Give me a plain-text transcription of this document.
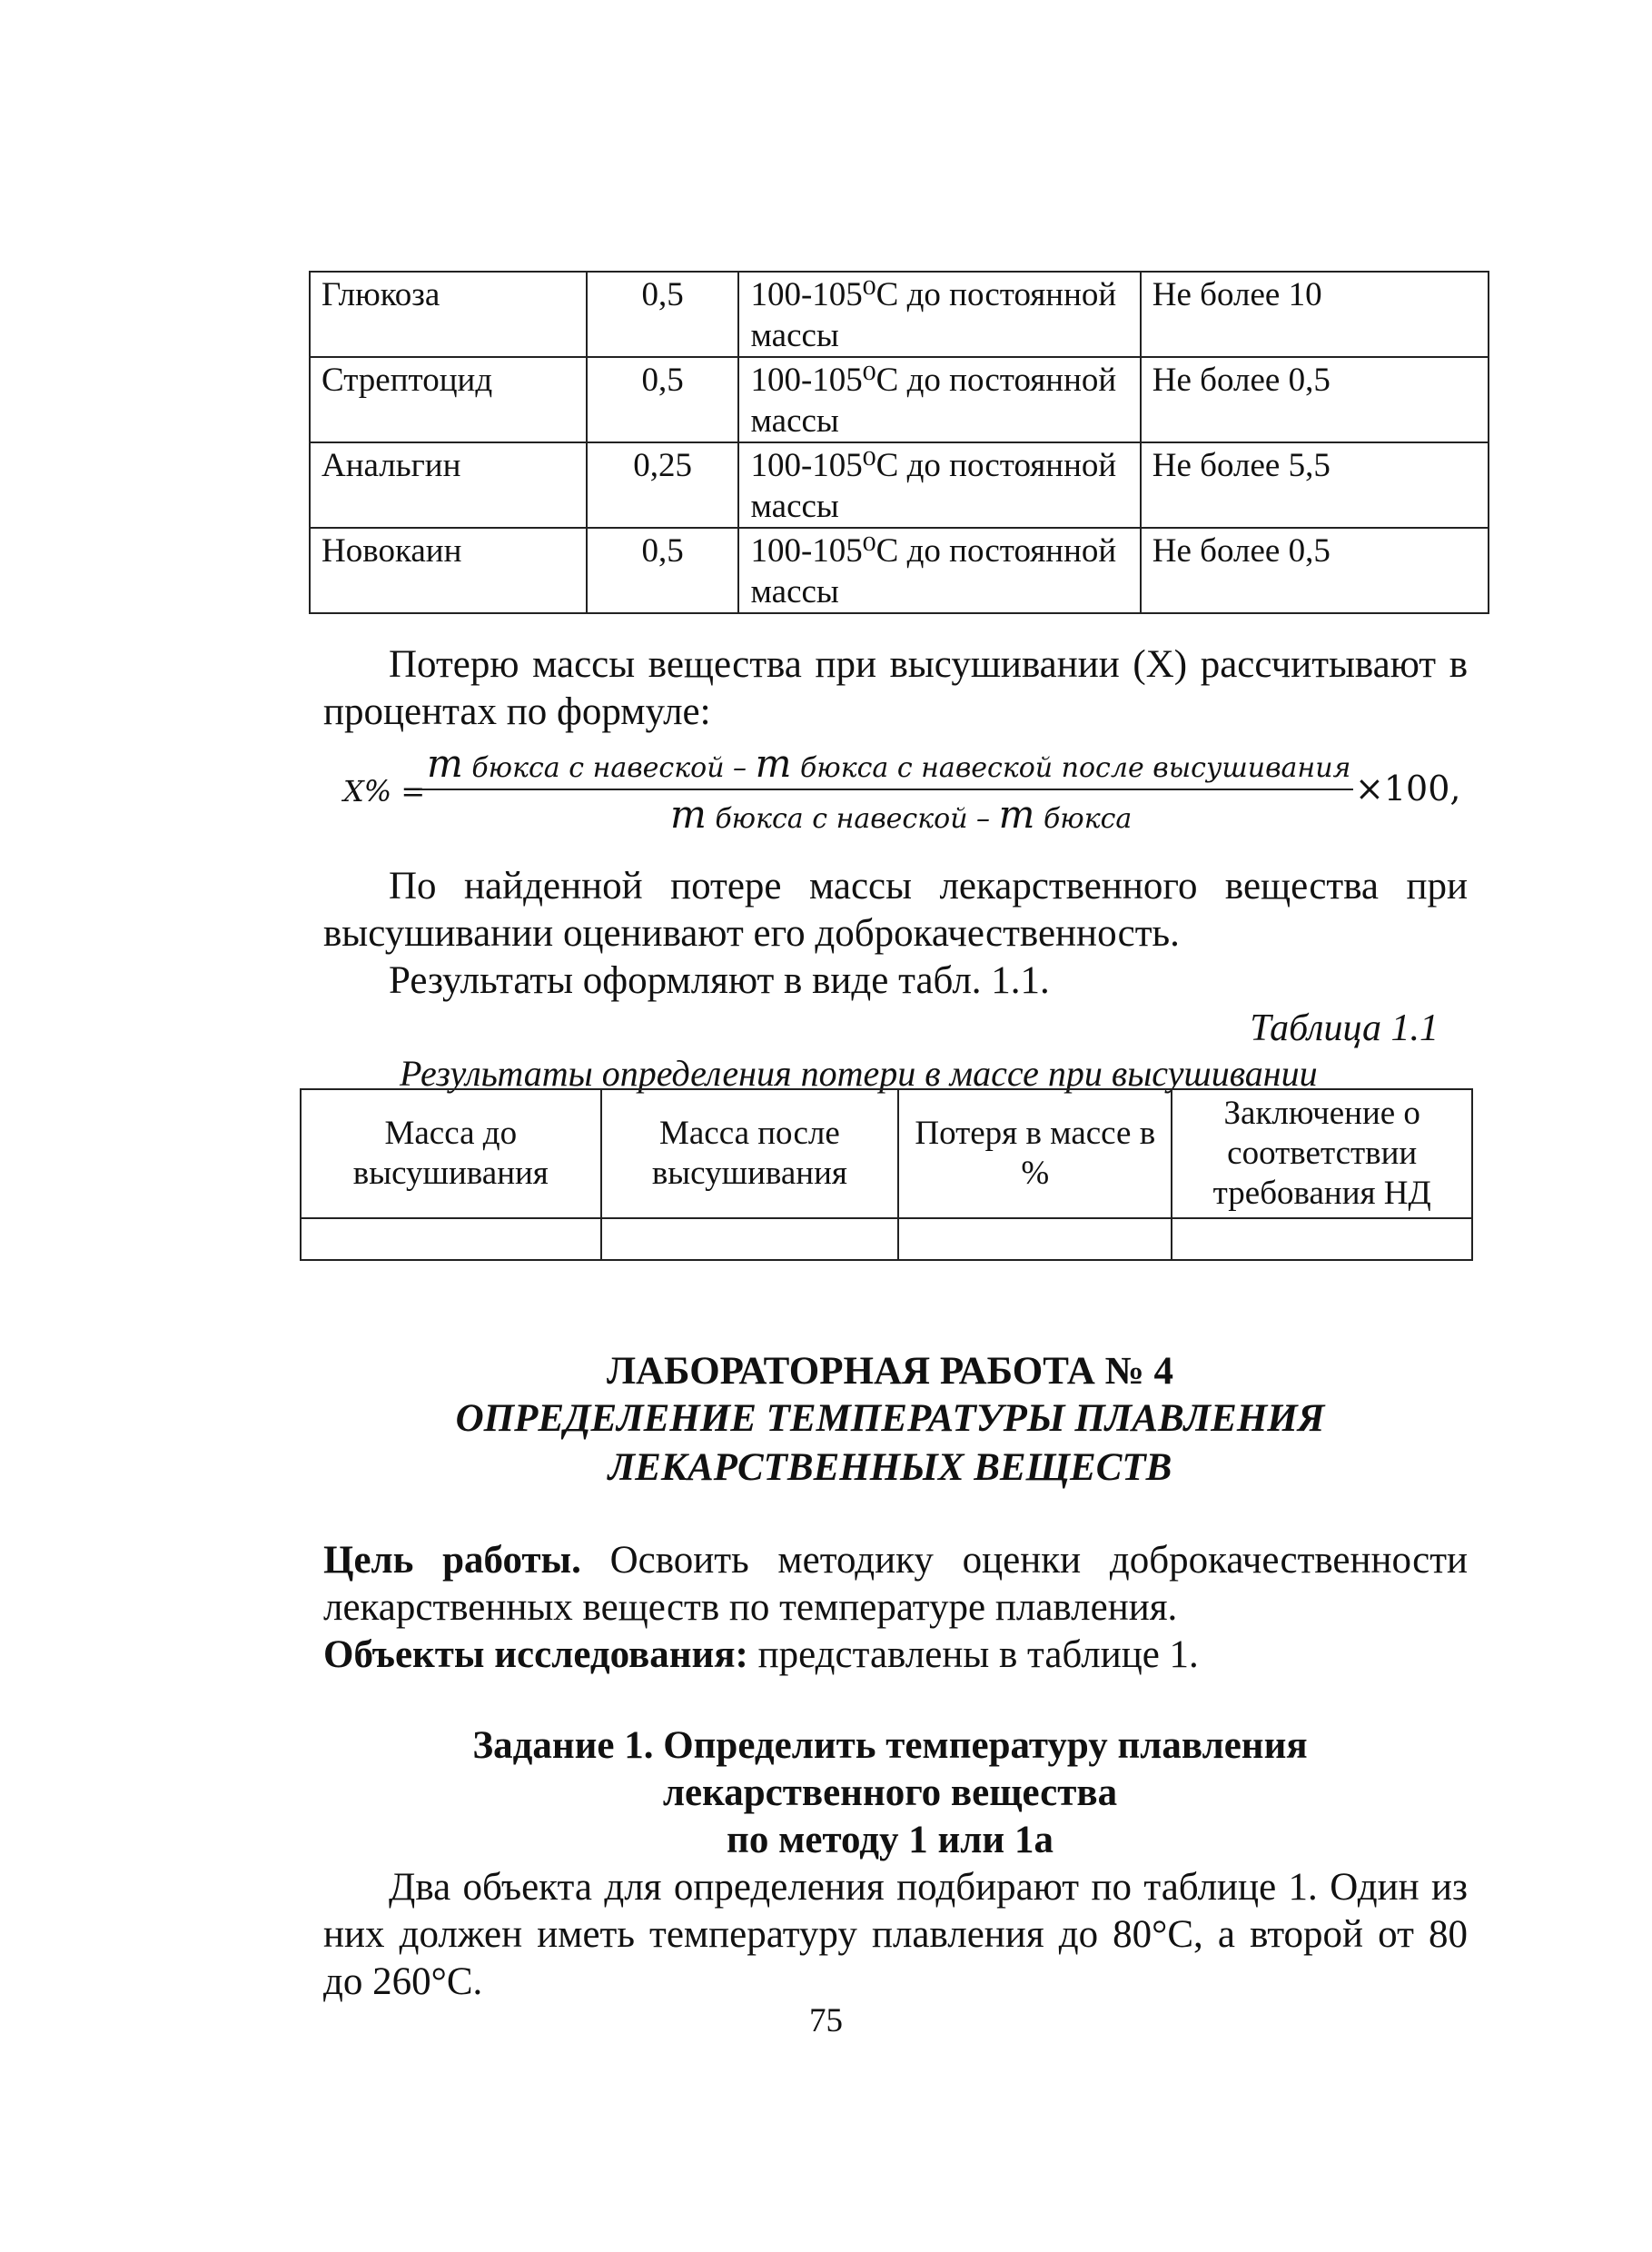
Глюкоза	0,5	100-105⁰С до постоянной массы	Не более 10
Стрептоцид	0,5	100-105⁰С до постоянной массы	Не более 0,5
Анальгин	0,25	100-105⁰С до постоянной массы	Не более 5,5
Новокаин	0,5	100-105⁰С до постоянной массы	Не более 0,5
Потерю массы вещества при высушивании (X) рассчитывают в процентах по формуле:
X% =
m бюкса с навеской – m бюкса с навеской после высушивания
m бюкса с навеской – m бюкса
×100,
По найденной потере массы лекарственного вещества при высушивании оценивают его доброкачественность.
Результаты оформляют в виде табл. 1.1.
Таблица 1.1
Результаты определения потери в массе при высушивании
Масса до высушивания	Масса после высушивания	Потеря в массе в %	Заключение о соответствии требования НД

ЛАБОРАТОРНАЯ РАБОТА № 4
ОПРЕДЕЛЕНИЕ ТЕМПЕРАТУРЫ ПЛАВЛЕНИЯ
ЛЕКАРСТВЕННЫХ ВЕЩЕСТВ
Цель работы. Освоить методику оценки доброкачественности лекарственных веществ по температуре плавления.
Объекты исследования: представлены в таблице 1.
Задание 1. Определить температуру плавления
лекарственного вещества
по методу 1 или 1а
Два объекта для определения подбирают по таблице 1. Один из них должен иметь температуру плавления до 80°С, а второй от 80 до 260°С.
75
